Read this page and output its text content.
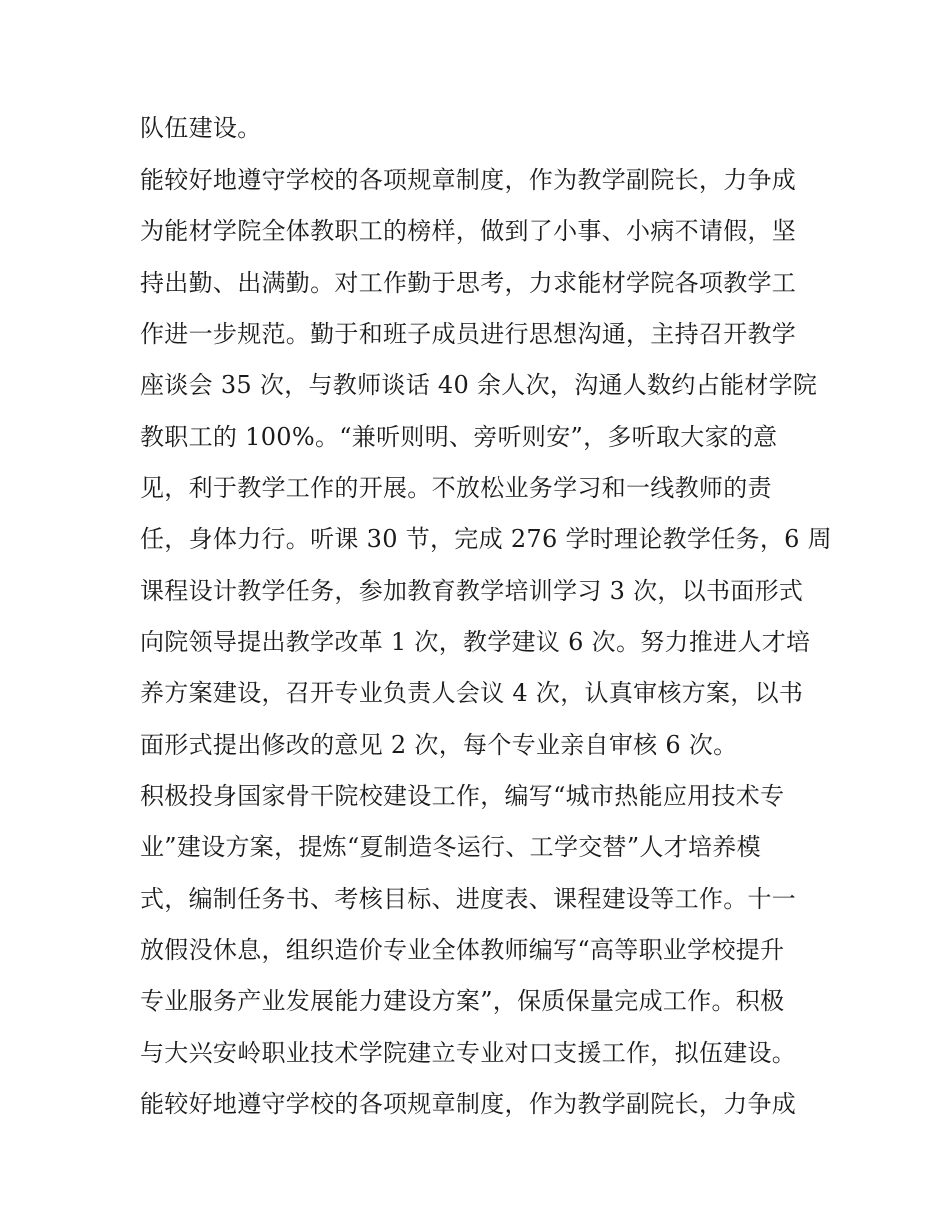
队伍建设。

能较好地遵守学校的各项规章制度，作为教学副院长，力争成

为能材学院全体教职工的榜样，做到了小事、小病不请假，坚

持出勤、出满勤。对工作勤于思考，力求能材学院各项教学工

作进一步规范。勤于和班子成员进行思想沟通，主持召开教学

座谈会 35 次，与教师谈话 40 余人次，沟通人数约占能材学院

教职工的 100%。“兼听则明、旁听则安”，多听取大家的意

见，利于教学工作的开展。不放松业务学习和一线教师的责

任，身体力行。听课 30 节，完成 276 学时理论教学任务，6 周

课程设计教学任务，参加教育教学培训学习 3 次，以书面形式

向院领导提出教学改革 1 次，教学建议 6 次。努力推进人才培

养方案建设，召开专业负责人会议 4 次，认真审核方案，以书

面形式提出修改的意见 2 次，每个专业亲自审核 6 次。

积极投身国家骨干院校建设工作，编写“城市热能应用技术专

业”建设方案，提炼“夏制造冬运行、工学交替”人才培养模

式，编制任务书、考核目标、进度表、课程建设等工作。十一

放假没休息，组织造价专业全体教师编写“高等职业学校提升

专业服务产业发展能力建设方案”，保质保量完成工作。积极

与大兴安岭职业技术学院建立专业对口支援工作，拟伍建设。

能较好地遵守学校的各项规章制度，作为教学副院长，力争成
